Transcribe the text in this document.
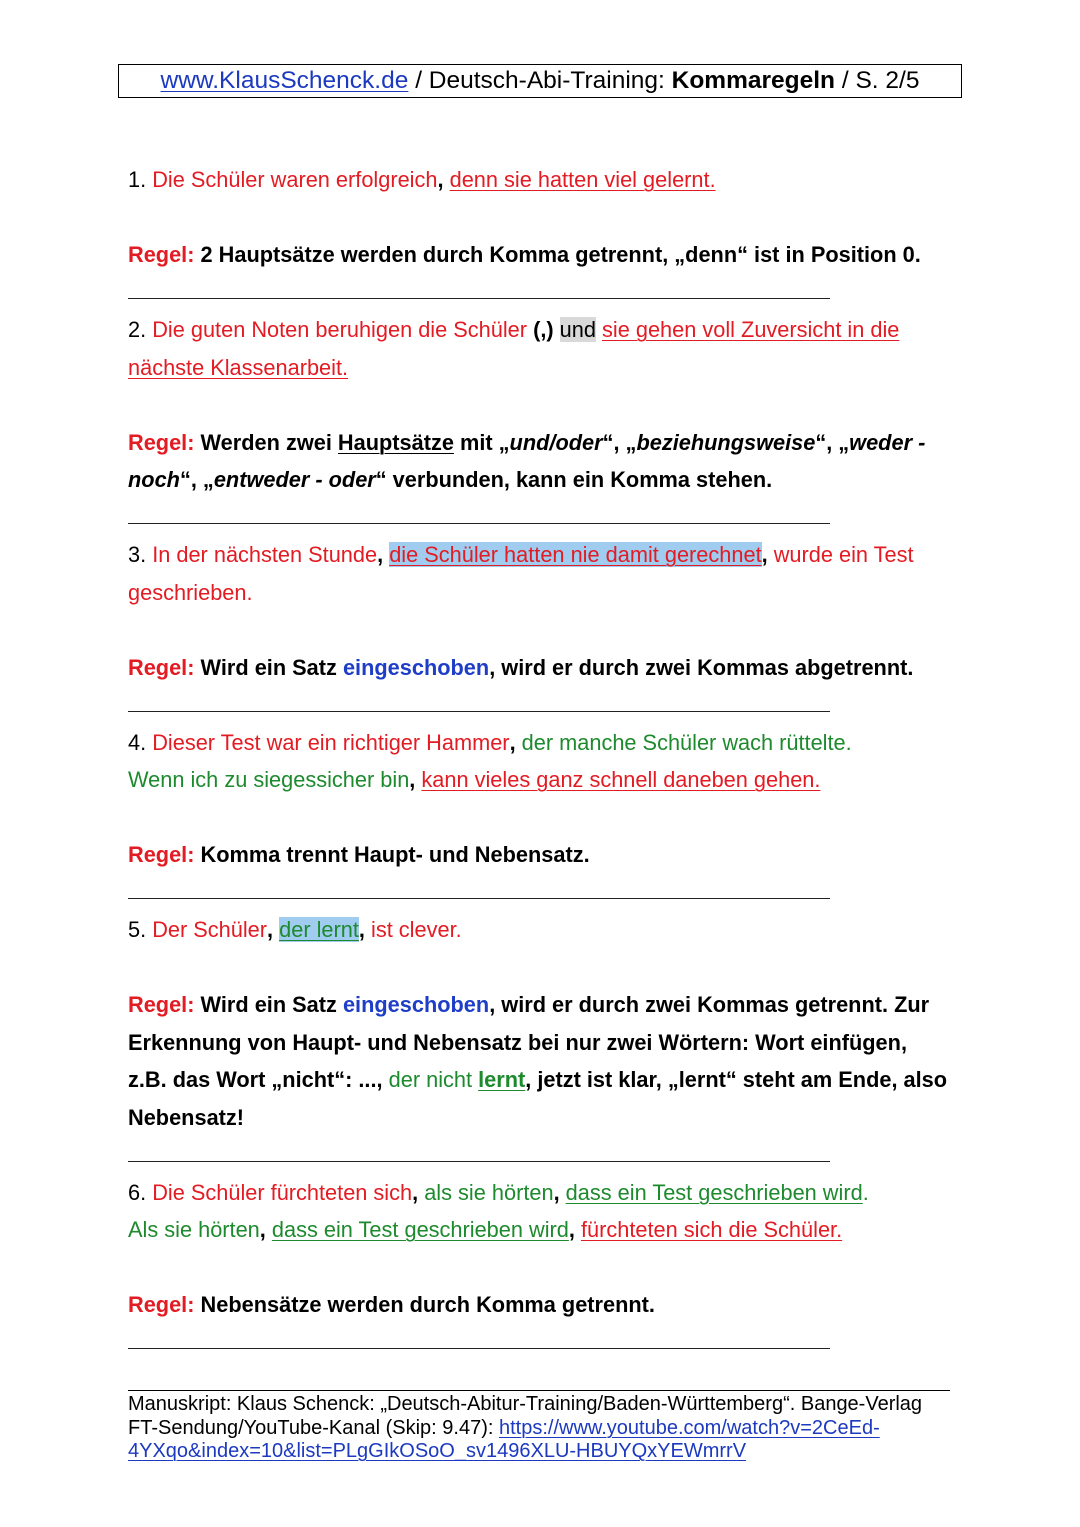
www.KlausSchenck.de / Deutsch-Abi-Training: Kommaregeln / S. 2/5
1. Die Schüler waren erfolgreich, denn sie hatten viel gelernt.
Regel: 2 Hauptsätze werden durch Komma getrennt, „denn“ ist in Position 0.
2. Die guten Noten beruhigen die Schüler (,) und sie gehen voll Zuversicht in die
nächste Klassenarbeit.
Regel: Werden zwei Hauptsätze mit „und/oder“, „beziehungsweise“, „weder -
noch“, „entweder - oder“ verbunden, kann ein Komma stehen.
3. In der nächsten Stunde, die Schüler hatten nie damit gerechnet, wurde ein Test
geschrieben.
Regel: Wird ein Satz eingeschoben, wird er durch zwei Kommas abgetrennt.
4. Dieser Test war ein richtiger Hammer, der manche Schüler wach rüttelte.
Wenn ich zu siegessicher bin, kann vieles ganz schnell daneben gehen.
Regel: Komma trennt Haupt- und Nebensatz.
5. Der Schüler, der lernt, ist clever.
Regel: Wird ein Satz eingeschoben, wird er durch zwei Kommas getrennt. Zur
Erkennung von Haupt- und Nebensatz bei nur zwei Wörtern: Wort einfügen,
z.B. das Wort „nicht“: ..., der nicht lernt, jetzt ist klar, „lernt“ steht am Ende, also
Nebensatz!
6. Die Schüler fürchteten sich, als sie hörten, dass ein Test geschrieben wird.
Als sie hörten, dass ein Test geschrieben wird, fürchteten sich die Schüler.
Regel: Nebensätze werden durch Komma getrennt.
Manuskript: Klaus Schenck: „Deutsch-Abitur-Training/Baden-Württemberg“. Bange-Verlag
FT-Sendung/YouTube-Kanal (Skip: 9.47): https://www.youtube.com/watch?v=2CeEd-
4YXqo&index=10&list=PLgGIkOSoO_sv1496XLU-HBUYQxYEWmrrV
